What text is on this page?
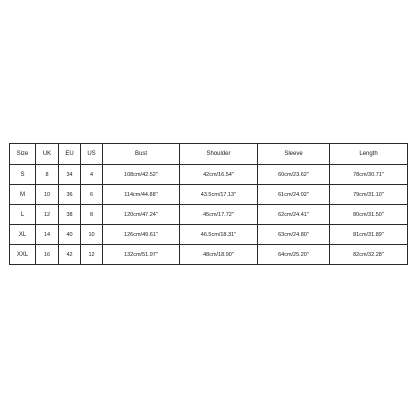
Size	UK	EU	US	Bust	Shoulder	Sleeve	Length
S	8	34	4	108cm/42.52''	42cm/16.54''	60cm/23.62''	78cm/30.71''
M	10	36	6	114cm/44.88''	43.5cm/17.13''	61cm/24.02''	79cm/31.10''
L	12	38	8	120cm/47.24''	45cm/17.72''	62cm/24.41''	80cm/31.50''
XL	14	40	10	126cm/49.61''	46.5cm/18.31''	63cm/24.80''	81cm/31.89''
XXL	16	42	12	132cm/51.97''	48cm/18.90''	64cm/25.20''	82cm/32.28''
